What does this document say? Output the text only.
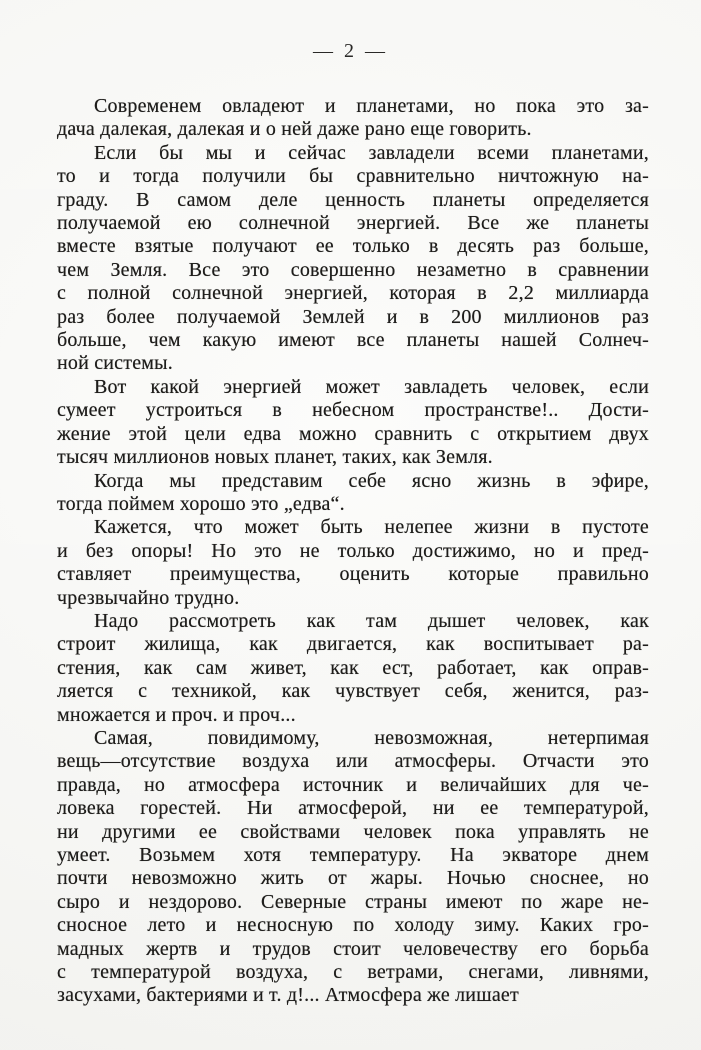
— 2 —
Современем овладеют и планетами, но пока это за-
дача далекая, далекая и о ней даже рано еще говорить.
Если бы мы и сейчас завладели всеми планетами,
то и тогда получили бы сравнительно ничтожную на-
граду. В самом деле ценность планеты определяется
получаемой ею солнечной энергией. Все же планеты
вместе взятые получают ее только в десять раз больше,
чем Земля. Все это совершенно незаметно в сравнении
с полной солнечной энергией, которая в 2,2 миллиарда
раз более получаемой Землей и в 200 миллионов раз
больше, чем какую имеют все планеты нашей Солнеч-
ной системы.
Вот какой энергией может завладеть человек, если
сумеет устроиться в небесном пространстве!.. Дости-
жение этой цели едва можно сравнить с открытием двух
тысяч миллионов новых планет, таких, как Земля.
Когда мы представим себе ясно жизнь в эфире,
тогда поймем хорошо это „едва“.
Кажется, что может быть нелепее жизни в пустоте
и без опоры! Но это не только достижимо, но и пред-
ставляет преимущества, оценить которые правильно
чрезвычайно трудно.
Надо рассмотреть как там дышет человек, как
строит жилища, как двигается, как воспитывает ра-
стения, как сам живет, как ест, работает, как оправ-
ляется с техникой, как чувствует себя, женится, раз-
множается и проч. и проч...
Самая, повидимому, невозможная, нетерпимая
вещь—отсутствие воздуха или атмосферы. Отчасти это
правда, но атмосфера источник и величайших для че-
ловека горестей. Ни атмосферой, ни ее температурой,
ни другими ее свойствами человек пока управлять не
умеет. Возьмем хотя температуру. На экваторе днем
почти невозможно жить от жары. Ночью сноснее, но
сыро и нездорово. Северные страны имеют по жаре не-
сносное лето и несносную по холоду зиму. Каких гро-
мадных жертв и трудов стоит человечеству его борьба
с температурой воздуха, с ветрами, снегами, ливнями,
засухами, бактериями и т. д!... Атмосфера же лишает
